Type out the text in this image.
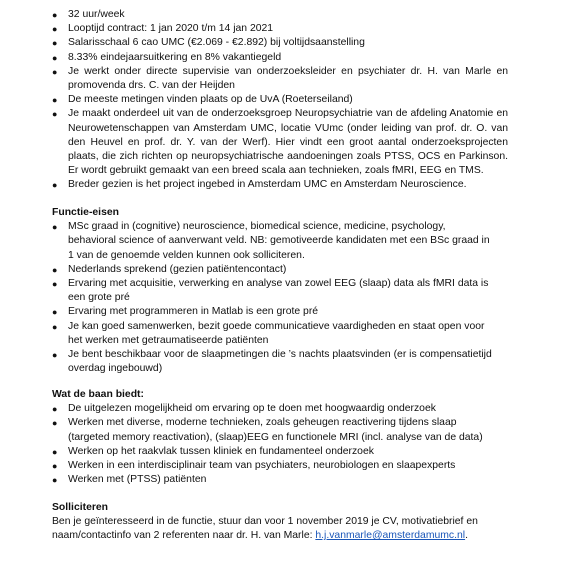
● 32 uur/week
● Looptijd contract: 1 jan 2020 t/m 14 jan 2021
● Salarisschaal 6 cao UMC (€2.069 - €2.892) bij voltijdsaanstelling
● 8.33% eindejaarsuitkering en 8% vakantiegeld
● Je werkt onder directe supervisie van onderzoeksleider en psychiater dr. H. van Marle en promovenda drs. C. van der Heijden
● De meeste metingen vinden plaats op de UvA (Roeterseiland)
● Je maakt onderdeel uit van de onderzoeksgroep Neuropsychiatrie van de afdeling Anatomie en Neurowetenschappen van Amsterdam UMC, locatie VUmc (onder leiding van prof. dr. O. van den Heuvel en prof. dr. Y. van der Werf). Hier vindt een groot aantal onderzoeksprojecten plaats, die zich richten op neuropsychiatrische aandoeningen zoals PTSS, OCS en Parkinson. Er wordt gebruikt gemaakt van een breed scala aan technieken, zoals fMRI, EEG en TMS.
● Breder gezien is het project ingebed in Amsterdam UMC en Amsterdam Neuroscience.
Functie-eisen
● MSc graad in (cognitive) neuroscience, biomedical science, medicine, psychology, behavioral science of aanverwant veld. NB: gemotiveerde kandidaten met een BSc graad in 1 van de genoemde velden kunnen ook solliciteren.
● Nederlands sprekend (gezien patiëntencontact)
● Ervaring met acquisitie, verwerking en analyse van zowel EEG (slaap) data als fMRI data is een grote pré
● Ervaring met programmeren in Matlab is een grote pré
● Je kan goed samenwerken, bezit goede communicatieve vaardigheden en staat open voor het werken met getraumatiseerde patiënten
● Je bent beschikbaar voor de slaapmetingen die ’s nachts plaatsvinden (er is compensatietijd overdag ingebouwd)
Wat de baan biedt:
● De uitgelezen mogelijkheid om ervaring op te doen met hoogwaardig onderzoek
● Werken met diverse, moderne technieken, zoals geheugen reactivering tijdens slaap (targeted memory reactivation), (slaap)EEG en functionele MRI (incl. analyse van de data)
● Werken op het raakvlak tussen kliniek en fundamenteel onderzoek
● Werken in een interdisciplinair team van psychiaters, neurobiologen en slaapexperts
● Werken met (PTSS) patiënten
Solliciteren

Ben je geïnteresseerd in de functie, stuur dan voor 1 november 2019 je CV, motivatiebrief en naam/contactinfo van 2 referenten naar dr. H. van Marle: h.j.vanmarle@amsterdamumc.nl.
